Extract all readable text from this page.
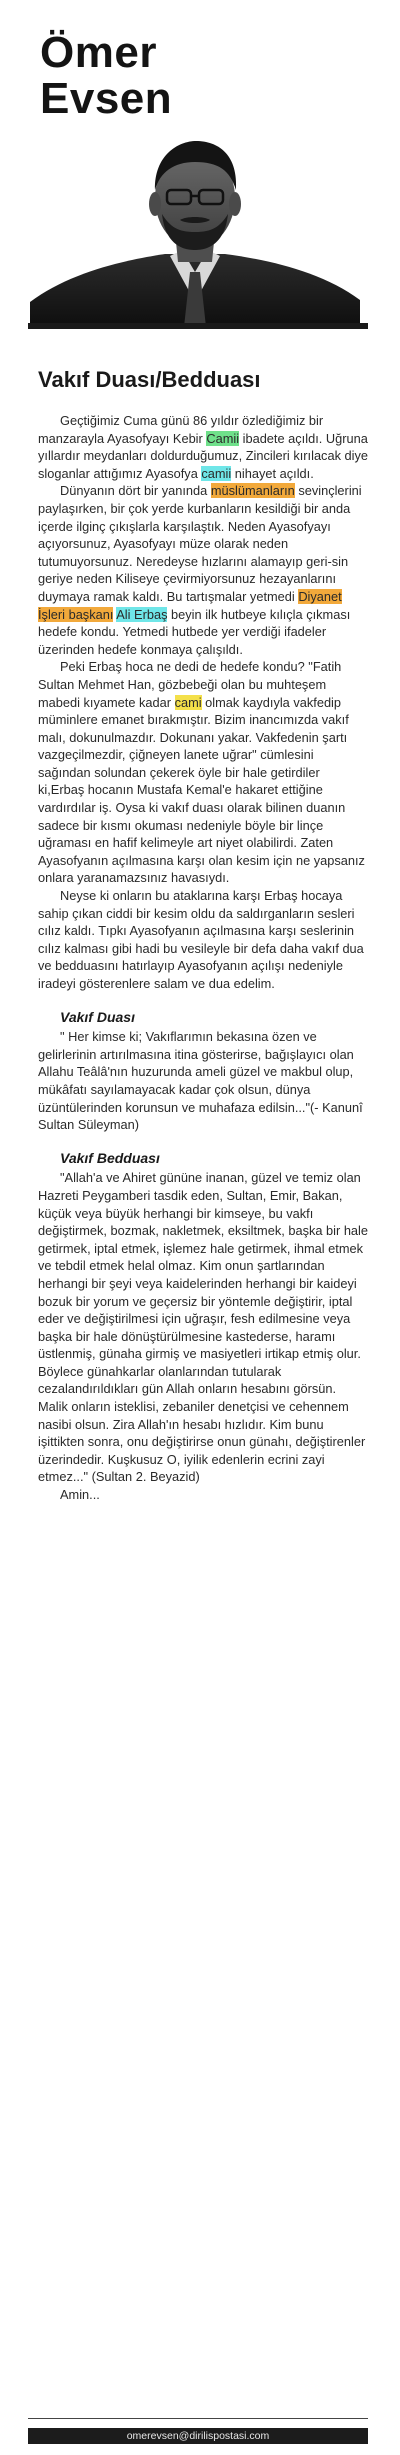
Ömer
Evsen
Vakıf Duası/Bedduası

Geçtiğimiz Cuma günü 86 yıldır özlediğimiz bir manzarayla Ayasofyayı Kebir Camii ibadete açıldı. Uğruna yıllardır meydanları doldurduğumuz, Zincileri kırılacak diye sloganlar attığımız Ayasofya camii nihayet açıldı.

Dünyanın dört bir yanında müslümanların sevinçlerini paylaşırken, bir çok yerde kurbanların kesildiği bir anda içerde ilginç çıkışlarla karşılaştık. Neden Ayasofyayı açıyorsunuz, Ayasofyayı müze olarak neden tutumuyorsunuz. Neredeyse hızlarını alamayıp geri-sin geriye neden Kiliseye çevirmiyorsunuz hezayanlarını duymaya ramak kaldı. Bu tartışmalar yetmedi Diyanet İşleri başkanı Ali Erbaş beyin ilk hutbeye kılıçla çıkması hedefe kondu. Yetmedi hutbede yer verdiği ifadeler üzerinden hedefe konmaya çalışıldı.

Peki Erbaş hoca ne dedi de hedefe kondu? "Fatih Sultan Mehmet Han, gözbebeği olan bu muhteşem mabedi kıyamete kadar cami olmak kaydıyla vakfedip müminlere emanet bırakmıştır. Bizim inancımızda vakıf malı, dokunulmazdır. Dokunanı yakar. Vakfedenin şartı vazgeçilmezdir, çiğneyen lanete uğrar" cümlesini sağından solundan çekerek öyle bir hale getirdiler ki,Erbaş hocanın Mustafa Kemal'e hakaret ettiğine vardırdılar iş. Oysa ki vakıf duası olarak bilinen duanın sadece bir kısmı okuması nedeniyle böyle bir linçe uğraması en hafif kelimeyle art niyet olabilirdi. Zaten Ayasofyanın açılmasına karşı olan kesim için ne yapsanız onlara yaranamazsınız havasıydı.

Neyse ki onların bu ataklarına karşı Erbaş hocaya sahip çıkan ciddi bir kesim oldu da saldırganların sesleri cılız kaldı. Tıpkı Ayasofyanın açılmasına karşı seslerinin cılız kalması gibi hadi bu vesileyle bir defa daha vakıf dua ve bedduasını hatırlayıp Ayasofyanın açılışı nedeniyle iradeyi gösterenlere salam ve dua edelim.

Vakıf Duası

" Her kimse ki; Vakıflarımın bekasına özen ve gelirlerinin artırılmasına itina gösterirse, bağışlayıcı olan Allahu Teâlâ'nın huzurunda ameli güzel ve makbul olup, mükâfatı sayılamayacak kadar çok olsun, dünya üzüntülerinden korunsun ve muhafaza edilsin..."(- Kanunî Sultan Süleyman)

Vakıf Bedduası

"Allah'a ve Ahiret gününe inanan, güzel ve temiz olan Hazreti Peygamberi tasdik eden, Sultan, Emir, Bakan, küçük veya büyük herhangi bir kimseye, bu vakfı değiştirmek, bozmak, nakletmek, eksiltmek, başka bir hale getirmek, iptal etmek, işlemez hale getirmek, ihmal etmek ve tebdil etmek helal olmaz. Kim onun şartlarından herhangi bir şeyi veya kaidelerinden herhangi bir kaideyi bozuk bir yorum ve geçersiz bir yöntemle değiştirir, iptal eder ve değiştirilmesi için uğraşır, fesh edilmesine veya başka bir hale dönüştürülmesine kastederse, haramı üstlenmiş, günaha girmiş ve masiyetleri irtikap etmiş olur. Böylece günahkarlar olanlarından tutularak cezalandırıldıkları gün Allah onların hesabını görsün. Malik onların isteklisi, zebaniler denetçisi ve cehennem nasibi olsun. Zira Allah'ın hesabı hızlıdır. Kim bunu işittikten sonra, onu değiştirirse onun günahı, değiştirenler üzerindedir. Kuşkusuz O, iyilik edenlerin ecrini zayi etmez..." (Sultan 2. Beyazid)

Amin...

omerevsen@dirilispostasi.com
